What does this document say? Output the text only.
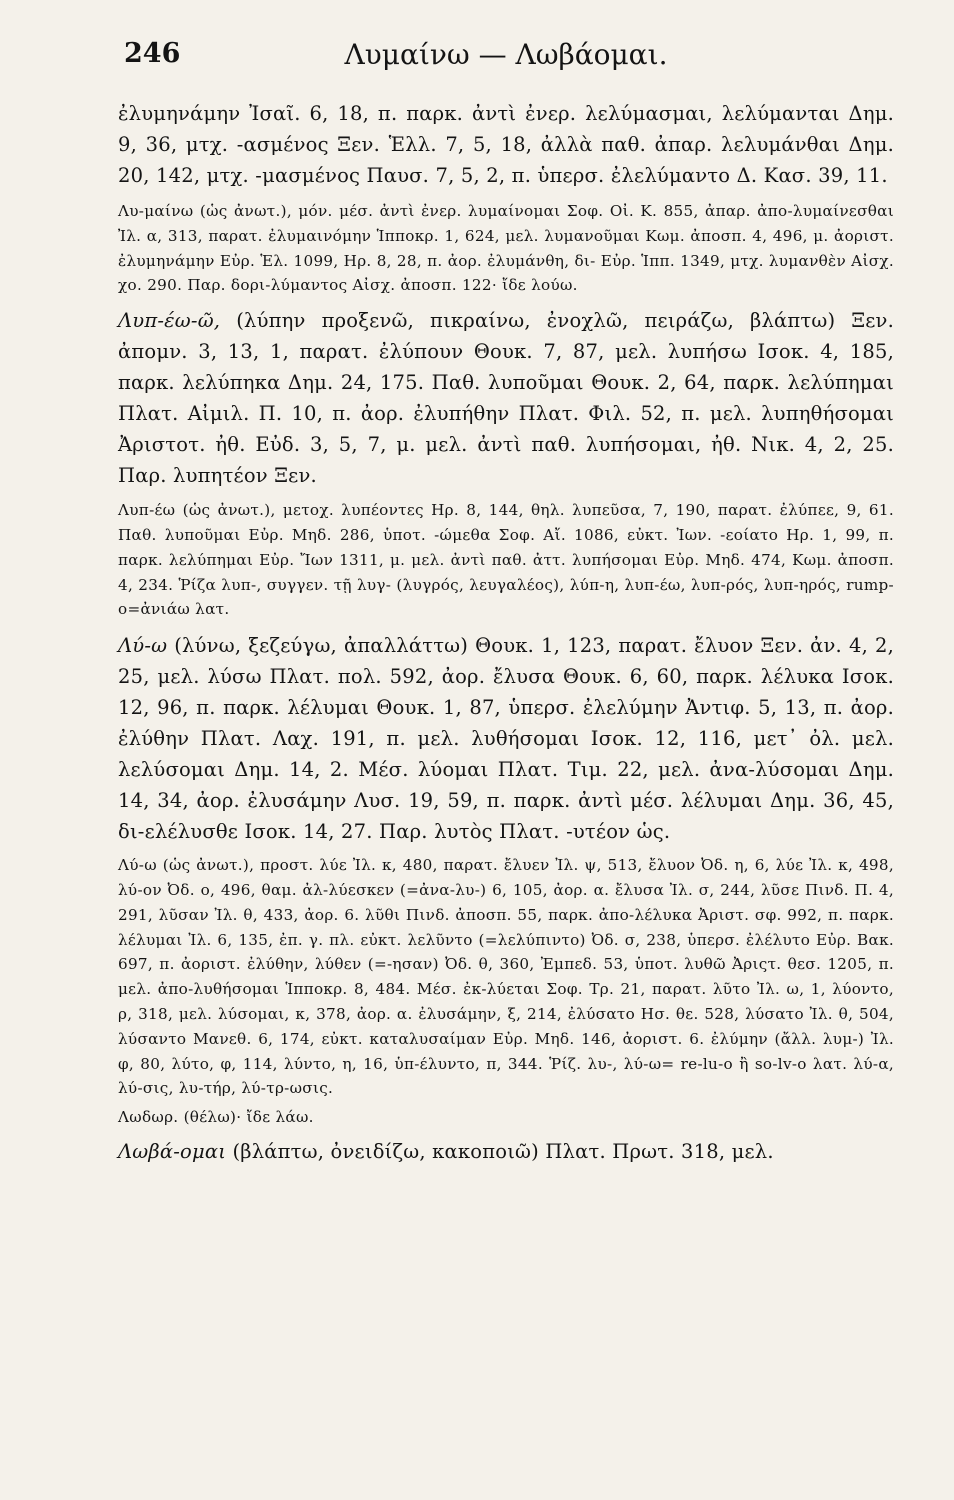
246	Λυμαίνω — Λωβάομαι.

ἐλυμηνάμην Ἰσαῖ. 6, 18, π. παρκ. ἀντὶ ἐνερ. λελύμασμαι, λελύμανται Δημ. 9, 36, μτχ. -ασμένος Ξεν. Ἑλλ. 7, 5, 18, ἀλλὰ παθ. ἀπαρ. λελυμάνθαι Δημ. 20, 142, μτχ. -μασμένος Παυσ. 7, 5, 2, π. ὑπερσ. ἐλελύμαντο Δ. Κασ. 39, 11.

Λυ-μαίνω (ὡς ἀνωτ.), μόν. μέσ. ἀντὶ ἐνερ. λυμαίνομαι Σοφ. Οἰ. Κ. 855, ἀπαρ. ἀπο-λυμαίνεσθαι Ἰλ. α, 313, παρατ. ἐλυμαινόμην Ἱπποκρ. 1, 624, μελ. λυμανοῦμαι Κωμ. ἀποσπ. 4, 496, μ. ἀοριστ. ἐλυμηνάμην Εὐρ. Ἑλ. 1099, Ηρ. 8, 28, π. ἀορ. ἐλυμάνθη, δι- Εὐρ. Ἱππ. 1349, μτχ. λυμανθὲν Αἰσχ. χο. 290. Παρ. δορι-λύμαντος Αἰσχ. ἀποσπ. 122· ἴδε λούω.

Λυπ-έω-ῶ, (λύπην προξενῶ, πικραίνω, ἐνοχλῶ, πειράζω, βλάπτω) Ξεν. ἀπομν. 3, 13, 1, παρατ. ἐλύπουν Θουκ. 7, 87, μελ. λυπήσω Ισοκ. 4, 185, παρκ. λελύπηκα Δημ. 24, 175. Παθ. λυποῦμαι Θουκ. 2, 64, παρκ. λελύπημαι Πλατ. Αἰμιλ. Π. 10, π. ἀορ. ἐλυπήθην Πλατ. Φιλ. 52, π. μελ. λυπηθήσομαι Ἀριστοτ. ἠθ. Εὐδ. 3, 5, 7, μ. μελ. ἀντὶ παθ. λυπήσομαι, ἠθ. Νικ. 4, 2, 25. Παρ. λυπητέον Ξεν.

Λυπ-έω (ὡς ἀνωτ.), μετοχ. λυπέοντες Ηρ. 8, 144, θηλ. λυπεῦσα, 7, 190, παρατ. ἐλύπεε, 9, 61. Παθ. λυποῦμαι Εὐρ. Μηδ. 286, ὑποτ. -ώμεθα Σοφ. Αἴ. 1086, εὐκτ. Ἰων. -εοίατο Ηρ. 1, 99, π. παρκ. λελύπημαι Εὐρ. Ἴων 1311, μ. μελ. ἀντὶ παθ. ἀττ. λυπήσομαι Εὐρ. Μηδ. 474, Κωμ. ἀποσπ. 4, 234. Ῥίζα λυπ-, συγγεν. τῇ λυγ- (λυγρός, λευγαλέος), λύπ-η, λυπ-έω, λυπ-ρός, λυπ-ηρός, rump-o=ἀνιάω λατ.

Λύ-ω (λύνω, ξεζεύγω, ἀπαλλάττω) Θουκ. 1, 123, παρατ. ἔλυον Ξεν. ἀν. 4, 2, 25, μελ. λύσω Πλατ. πολ. 592, ἀορ. ἔλυσα Θουκ. 6, 60, παρκ. λέλυκα Ισοκ. 12, 96, π. παρκ. λέλυμαι Θουκ. 1, 87, ὑπερσ. ἐλελύμην Ἀντιφ. 5, 13, π. ἀορ. ἐλύθην Πλατ. Λαχ. 191, π. μελ. λυθήσομαι Ισοκ. 12, 116, μετ᾽ ὀλ. μελ. λελύσομαι Δημ. 14, 2. Μέσ. λύομαι Πλατ. Τιμ. 22, μελ. ἀνα-λύσομαι Δημ. 14, 34, ἀορ. ἐλυσάμην Λυσ. 19, 59, π. παρκ. ἀντὶ μέσ. λέλυμαι Δημ. 36, 45, δι-ελέλυσθε Ισοκ. 14, 27. Παρ. λυτὸς Πλατ. -υτέον ὡς.

Λύ-ω (ὡς ἀνωτ.), προστ. λύε Ἰλ. κ, 480, παρατ. ἔλυεν Ἰλ. ψ, 513, ἔλυον Ὀδ. η, 6, λύε Ἰλ. κ, 498, λύ-ον Ὀδ. ο, 496, θαμ. ἀλ-λύεσκεν (=ἀνα-λυ-) 6, 105, ἀορ. α. ἔλυσα Ἰλ. σ, 244, λῦσε Πινδ. Π. 4, 291, λῦσαν Ἰλ. θ, 433, ἀορ. 6. λῦθι Πινδ. ἀποσπ. 55, παρκ. ἀπο-λέλυκα Ἀριστ. σφ. 992, π. παρκ. λέλυμαι Ἰλ. 6, 135, ἐπ. γ. πλ. εὐκτ. λελῦντο (=λελύπιντο) Ὀδ. σ, 238, ὑπερσ. ἐλέλυτο Εὐρ. Βακ. 697, π. ἀοριστ. ἐλύθην, λύθεν (=-ησαν) Ὀδ. θ, 360, Ἐμπεδ. 53, ὑποτ. λυθῶ Ἀριςτ. θεσ. 1205, π. μελ. ἀπο-λυθήσομαι Ἱπποκρ. 8, 484. Μέσ. ἐκ-λύεται Σοφ. Τρ. 21, παρατ. λῦτο Ἰλ. ω, 1, λύοντο, ρ, 318, μελ. λύσομαι, κ, 378, ἀορ. α. ἐλυσάμην, ξ, 214, ἐλύσατο Ησ. θε. 528, λύσατο Ἰλ. θ, 504, λύσαντο Μανεθ. 6, 174, εὐκτ. καταλυσαίμαν Εὐρ. Μηδ. 146, ἀοριστ. 6. ἐλύμην (ἄλλ. λυμ-) Ἰλ. φ, 80, λύτο, φ, 114, λύντο, η, 16, ὑπ-έλυντο, π, 344. Ῥίζ. λυ-, λύ-ω= re-lu-o ἢ so-lv-o λατ. λύ-α, λύ-σις, λυ-τήρ, λύ-τρ-ωσις.

Λωδωρ. (θέλω)· ἴδε λάω.

Λωβά-ομαι (βλάπτω, ὀνειδίζω, κακοποιῶ) Πλατ. Πρωτ. 318, μελ.
